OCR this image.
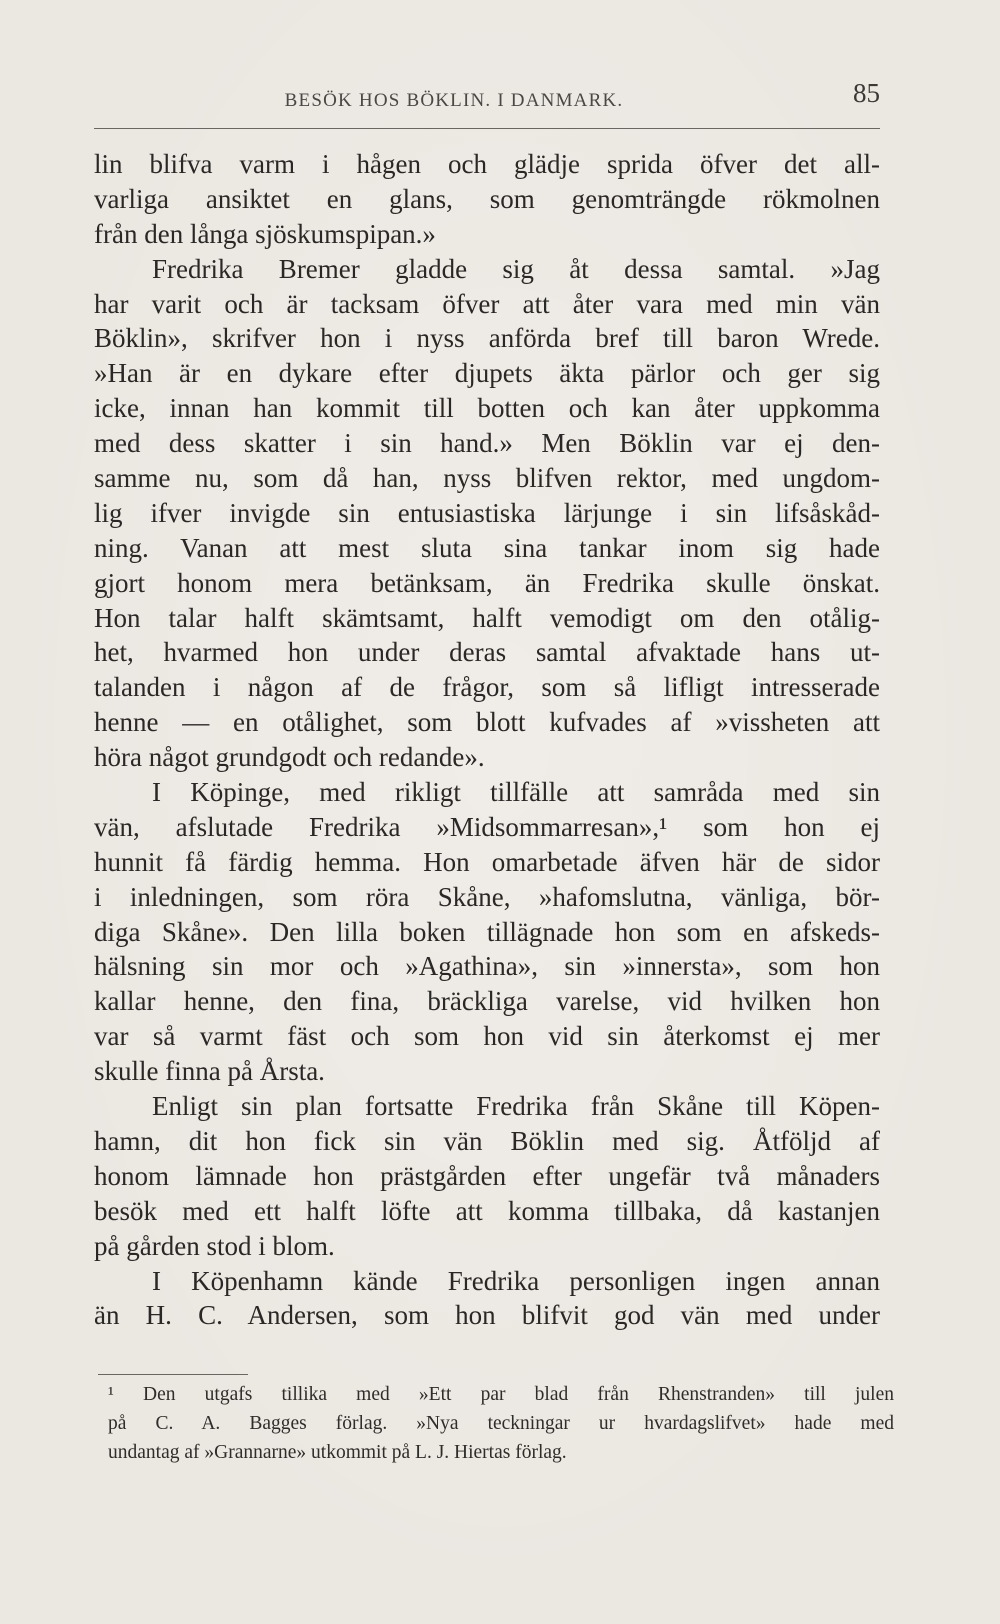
BESÖK HOS BÖKLIN. I DANMARK.	85
lin blifva varm i hågen och glädje sprida öfver det all-
varliga ansiktet en glans, som genomträngde rökmolnen
från den långa sjöskumspipan.»
Fredrika Bremer gladde sig åt dessa samtal. »Jag
har varit och är tacksam öfver att åter vara med min vän
Böklin», skrifver hon i nyss anförda bref till baron Wrede.
»Han är en dykare efter djupets äkta pärlor och ger sig
icke, innan han kommit till botten och kan åter uppkomma
med dess skatter i sin hand.» Men Böklin var ej den-
samme nu, som då han, nyss blifven rektor, med ungdom-
lig ifver invigde sin entusiastiska lärjunge i sin lifsåskåd-
ning. Vanan att mest sluta sina tankar inom sig hade
gjort honom mera betänksam, än Fredrika skulle önskat.
Hon talar halft skämtsamt, halft vemodigt om den otålig-
het, hvarmed hon under deras samtal afvaktade hans ut-
talanden i någon af de frågor, som så lifligt intresserade
henne — en otålighet, som blott kufvades af »vissheten att
höra något grundgodt och redande».
I Köpinge, med rikligt tillfälle att samråda med sin
vän, afslutade Fredrika »Midsommarresan»,¹ som hon ej
hunnit få färdig hemma. Hon omarbetade äfven här de sidor
i inledningen, som röra Skåne, »hafomslutna, vänliga, bör-
diga Skåne». Den lilla boken tillägnade hon som en afskeds-
hälsning sin mor och »Agathina», sin »innersta», som hon
kallar henne, den fina, bräckliga varelse, vid hvilken hon
var så varmt fäst och som hon vid sin återkomst ej mer
skulle finna på Årsta.
Enligt sin plan fortsatte Fredrika från Skåne till Köpen-
hamn, dit hon fick sin vän Böklin med sig. Åtföljd af
honom lämnade hon prästgården efter ungefär två månaders
besök med ett halft löfte att komma tillbaka, då kastanjen
på gården stod i blom.
I Köpenhamn kände Fredrika personligen ingen annan
än H. C. Andersen, som hon blifvit god vän med under
¹ Den utgafs tillika med »Ett par blad från Rhenstranden» till julen
på C. A. Bagges förlag. »Nya teckningar ur hvardagslifvet» hade med
undantag af »Grannarne» utkommit på L. J. Hiertas förlag.
